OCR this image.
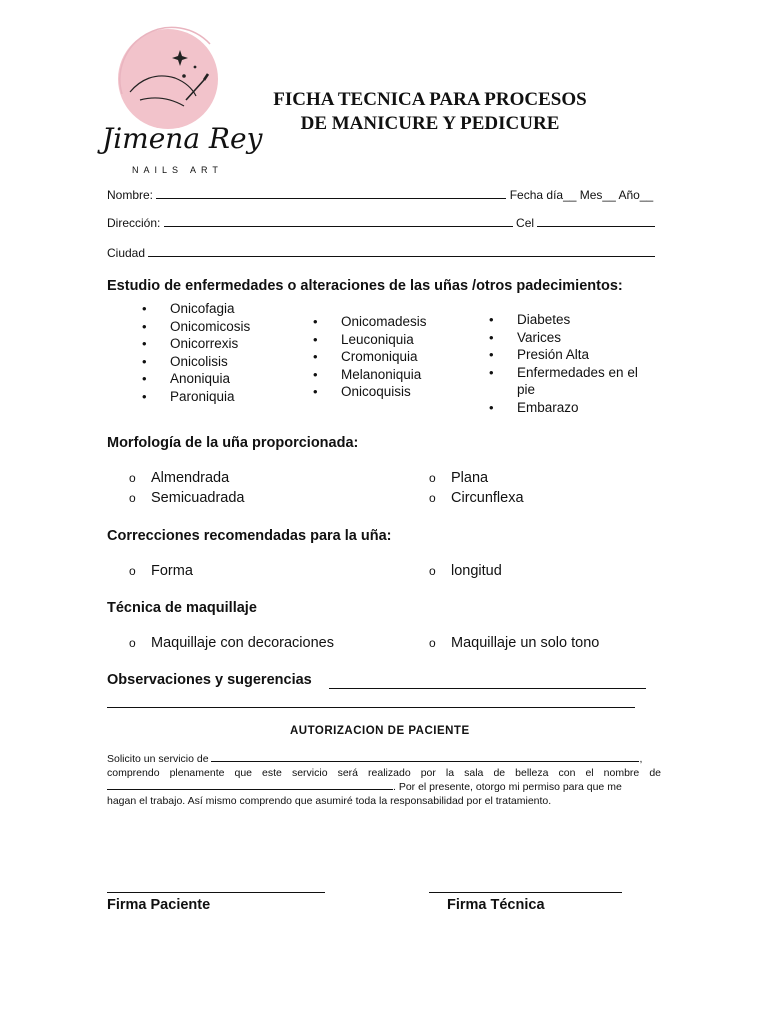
Jimena Rey
NAILS ART
FICHA TECNICA PARA PROCESOS
DE MANICURE Y PEDICURE
Nombre:	Fecha día__ Mes__ Año__
Dirección:	Cel
Ciudad
Estudio de enfermedades o alteraciones de las uñas /otros padecimientos:
• Onicofagia
• Onicomicosis
• Onicorrexis
• Onicolisis
• Anoniquia
• Paroniquia
• Onicomadesis
• Leuconiquia
• Cromoniquia
• Melanoniquia
• Onicoquisis
• Diabetes
• Varices
• Presión Alta
• Enfermedades en el pie
• Embarazo
Morfología de la uña proporcionada:
o Almendrada
o Semicuadrada
o Plana
o Circunflexa
Correcciones recomendadas para la uña:
o Forma	o longitud
Técnica de maquillaje
o Maquillaje con decoraciones	o Maquillaje un solo tono
Observaciones y sugerencias
AUTORIZACION DE PACIENTE
Solicito un servicio de	,
comprendo plenamente que este servicio será realizado por la sala de belleza con el nombre de
. Por el presente, otorgo mi permiso para que me
hagan el trabajo. Así mismo comprendo que asumiré toda la responsabilidad por el tratamiento.
Firma Paciente	Firma Técnica
